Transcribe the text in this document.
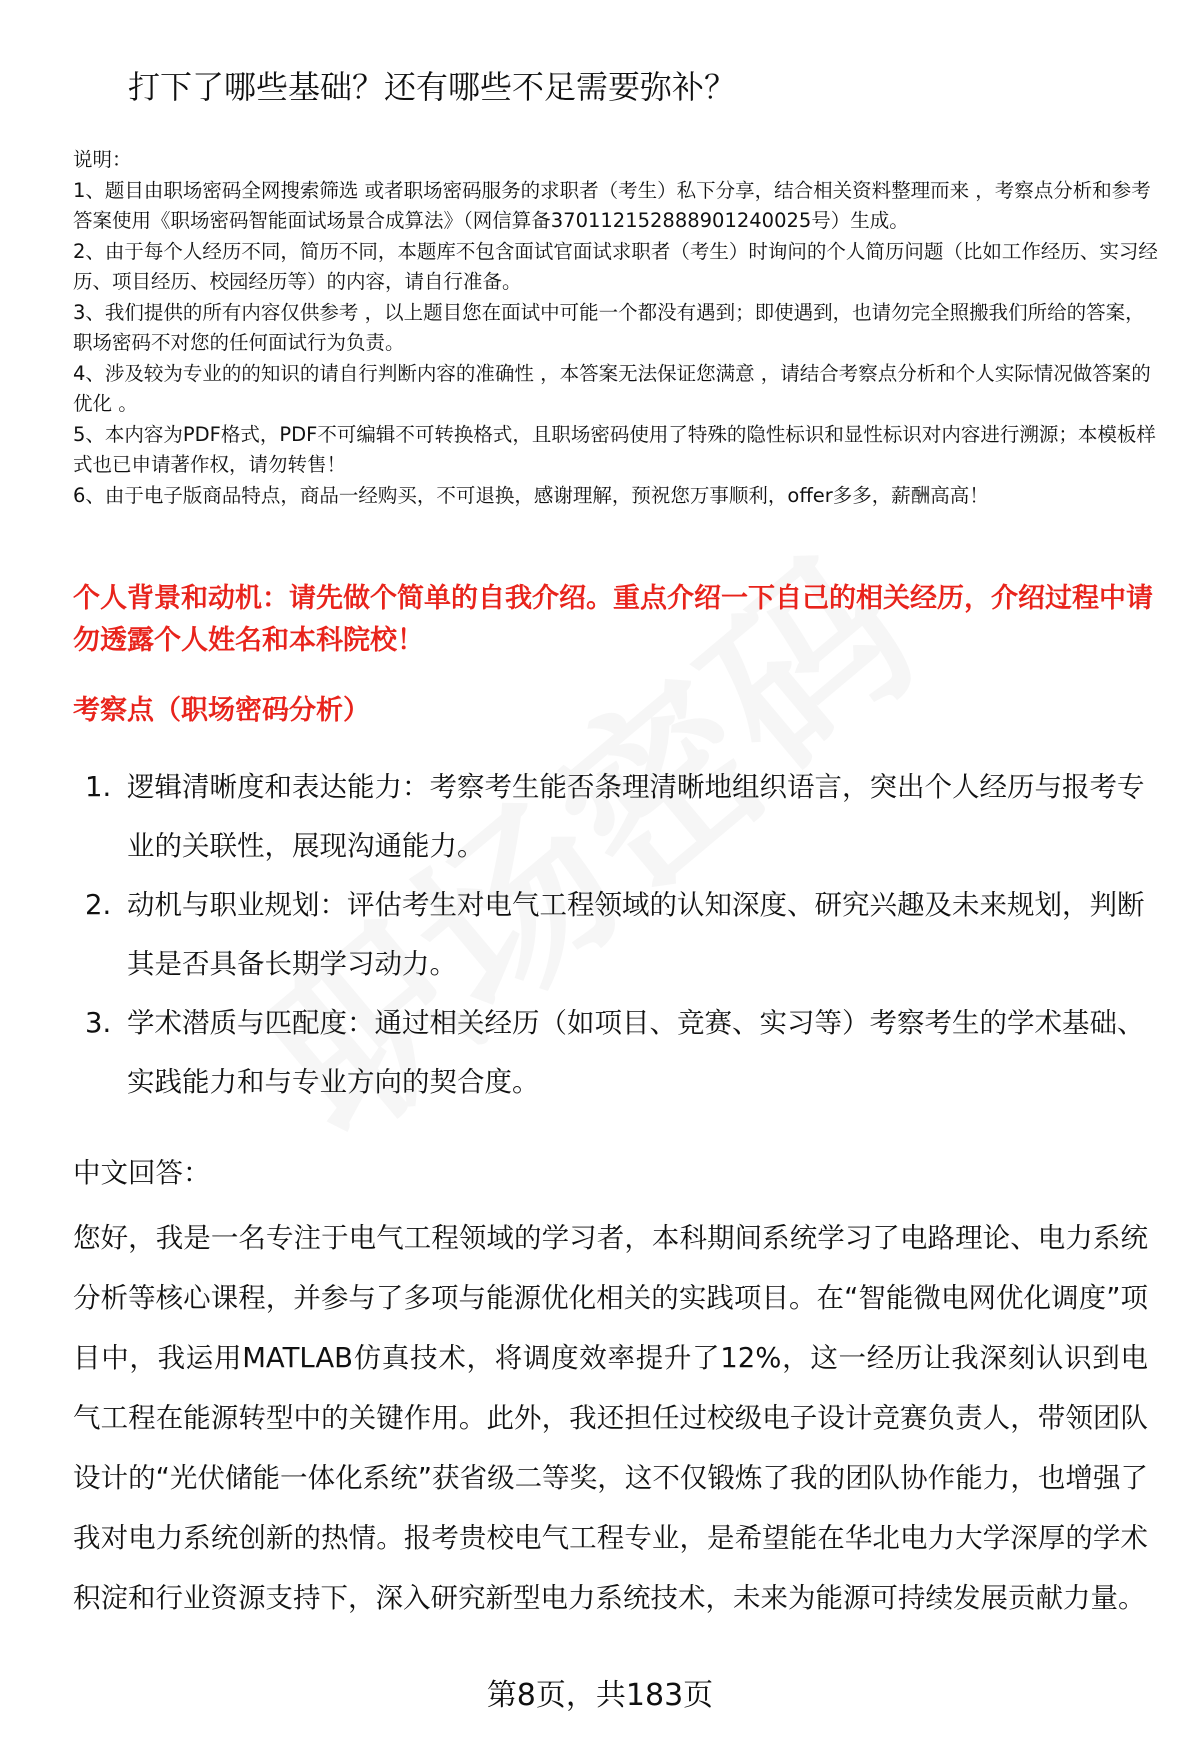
打下了哪些基础？还有哪些不足需要弥补？

说明：

1、题目由职场密码全网搜索筛选 或者职场密码服务的求职者（考生）私下分享，结合相关资料整理而来 ，考察点分析和参考答案使用《职场密码智能面试场景合成算法》（网信算备370112152888901240025号）生成。

2、由于每个人经历不同，简历不同，本题库不包含面试官面试求职者（考生）时询问的个人简历问题（比如工作经历、实习经历、项目经历、校园经历等）的内容，请自行准备。

3、我们提供的所有内容仅供参考 ，以上题目您在面试中可能一个都没有遇到；即使遇到，也请勿完全照搬我们所给的答案，职场密码不对您的任何面试行为负责。

4、涉及较为专业的的知识的请自行判断内容的准确性 ，本答案无法保证您满意 ，请结合考察点分析和个人实际情况做答案的优化 。

5、本内容为PDF格式，PDF不可编辑不可转换格式，且职场密码使用了特殊的隐性标识和显性标识对内容进行溯源；本模板样式也已申请著作权，请勿转售！

6、由于电子版商品特点，商品一经购买，不可退换，感谢理解，预祝您万事顺利，offer多多，薪酬高高！

个人背景和动机：请先做个简单的自我介绍。重点介绍一下自己的相关经历，介绍过程中请勿透露个人姓名和本科院校！
考察点（职场密码分析）
1. 逻辑清晰度和表达能力：考察考生能否条理清晰地组织语言，突出个人经历与报考专业的关联性，展现沟通能力。
2. 动机与职业规划：评估考生对电气工程领域的认知深度、研究兴趣及未来规划，判断其是否具备长期学习动力。
3. 学术潜质与匹配度：通过相关经历（如项目、竞赛、实习等）考察考生的学术基础、实践能力和与专业方向的契合度。
中文回答：

您好，我是一名专注于电气工程领域的学习者，本科期间系统学习了电路理论、电力系统分析等核心课程，并参与了多项与能源优化相关的实践项目。在“智能微电网优化调度”项目中，我运用MATLAB仿真技术，将调度效率提升了12%，这一经历让我深刻认识到电气工程在能源转型中的关键作用。此外，我还担任过校级电子设计竞赛负责人，带领团队设计的“光伏储能一体化系统”获省级二等奖，这不仅锻炼了我的团队协作能力，也增强了我对电力系统创新的热情。报考贵校电气工程专业，是希望能在华北电力大学深厚的学术积淀和行业资源支持下，深入研究新型电力系统技术，未来为能源可持续发展贡献力量。

第8页，共183页
